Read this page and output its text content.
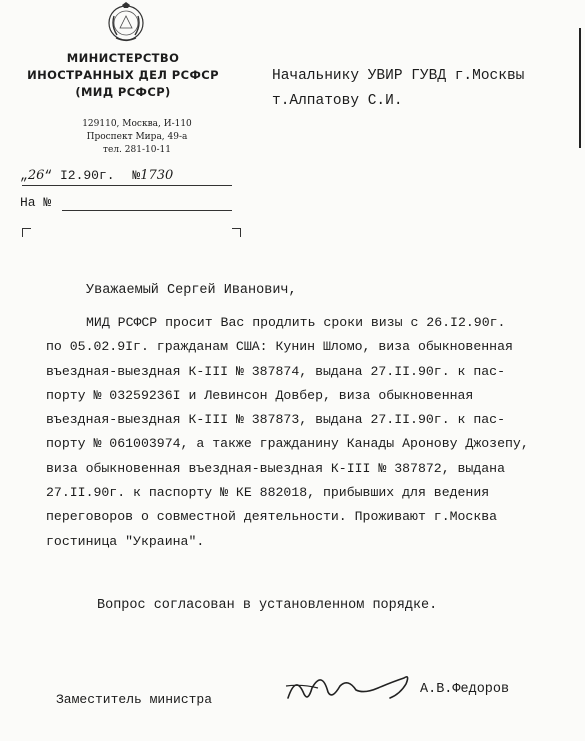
МИНИСТЕРСТВО
ИНОСТРАННЫХ ДЕЛ РСФСР
(МИД РСФСР)
129110, Москва, И-110
Проспект Мира, 49-а
тел. 281-10-11
„26“ I2.90г. №1730
На №
Начальнику УВИР ГУВД г.Москвы
т.Алпатову С.И.
Уважаемый Сергей Иванович,
МИД РСФСР просит Вас продлить сроки визы с 26.I2.90г.
по 05.02.9Iг. гражданам США: Кунин Шломо, виза обыкновенная
въездная-выездная К-III № 387874, выдана 27.II.90г. к пас-
порту № 03259236I и Левинсон Довбер, виза обыкновенная
въездная-выездная К-III № 387873, выдана 27.II.90г. к пас-
порту № 061003974, а также гражданину Канады Аронову Джозепу,
виза обыкновенная въездная-выездная К-III № 387872, выдана
27.II.90г. к паспорту № КЕ 882018, прибывших для ведения
переговоров о совместной деятельности. Проживают г.Москва
гостиница "Украина".
Вопрос согласован в установленном порядке.
Заместитель министра
А.В.Федоров
